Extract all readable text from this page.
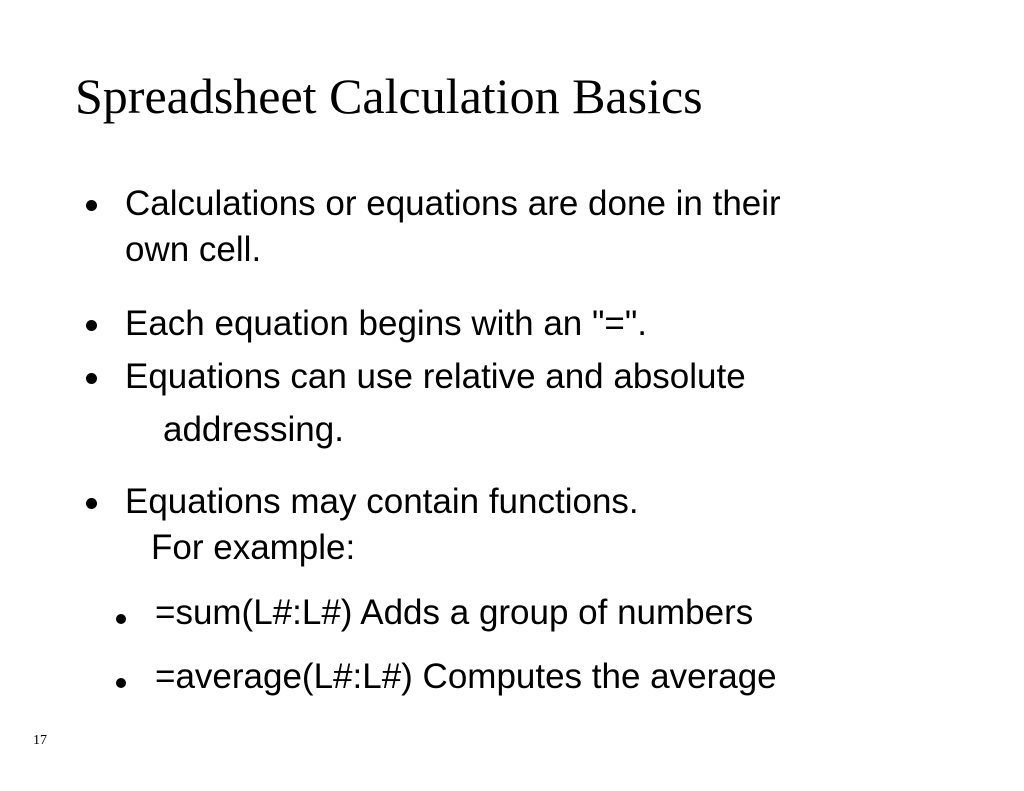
Spreadsheet Calculation Basics
Calculations or equations are done in their
own cell.
Each equation begins with an "=".
Equations can use relative and absolute
addressing.
Equations may contain functions.
For example:
=sum(L#:L#) Adds a group of numbers
=average(L#:L#) Computes the average
17
